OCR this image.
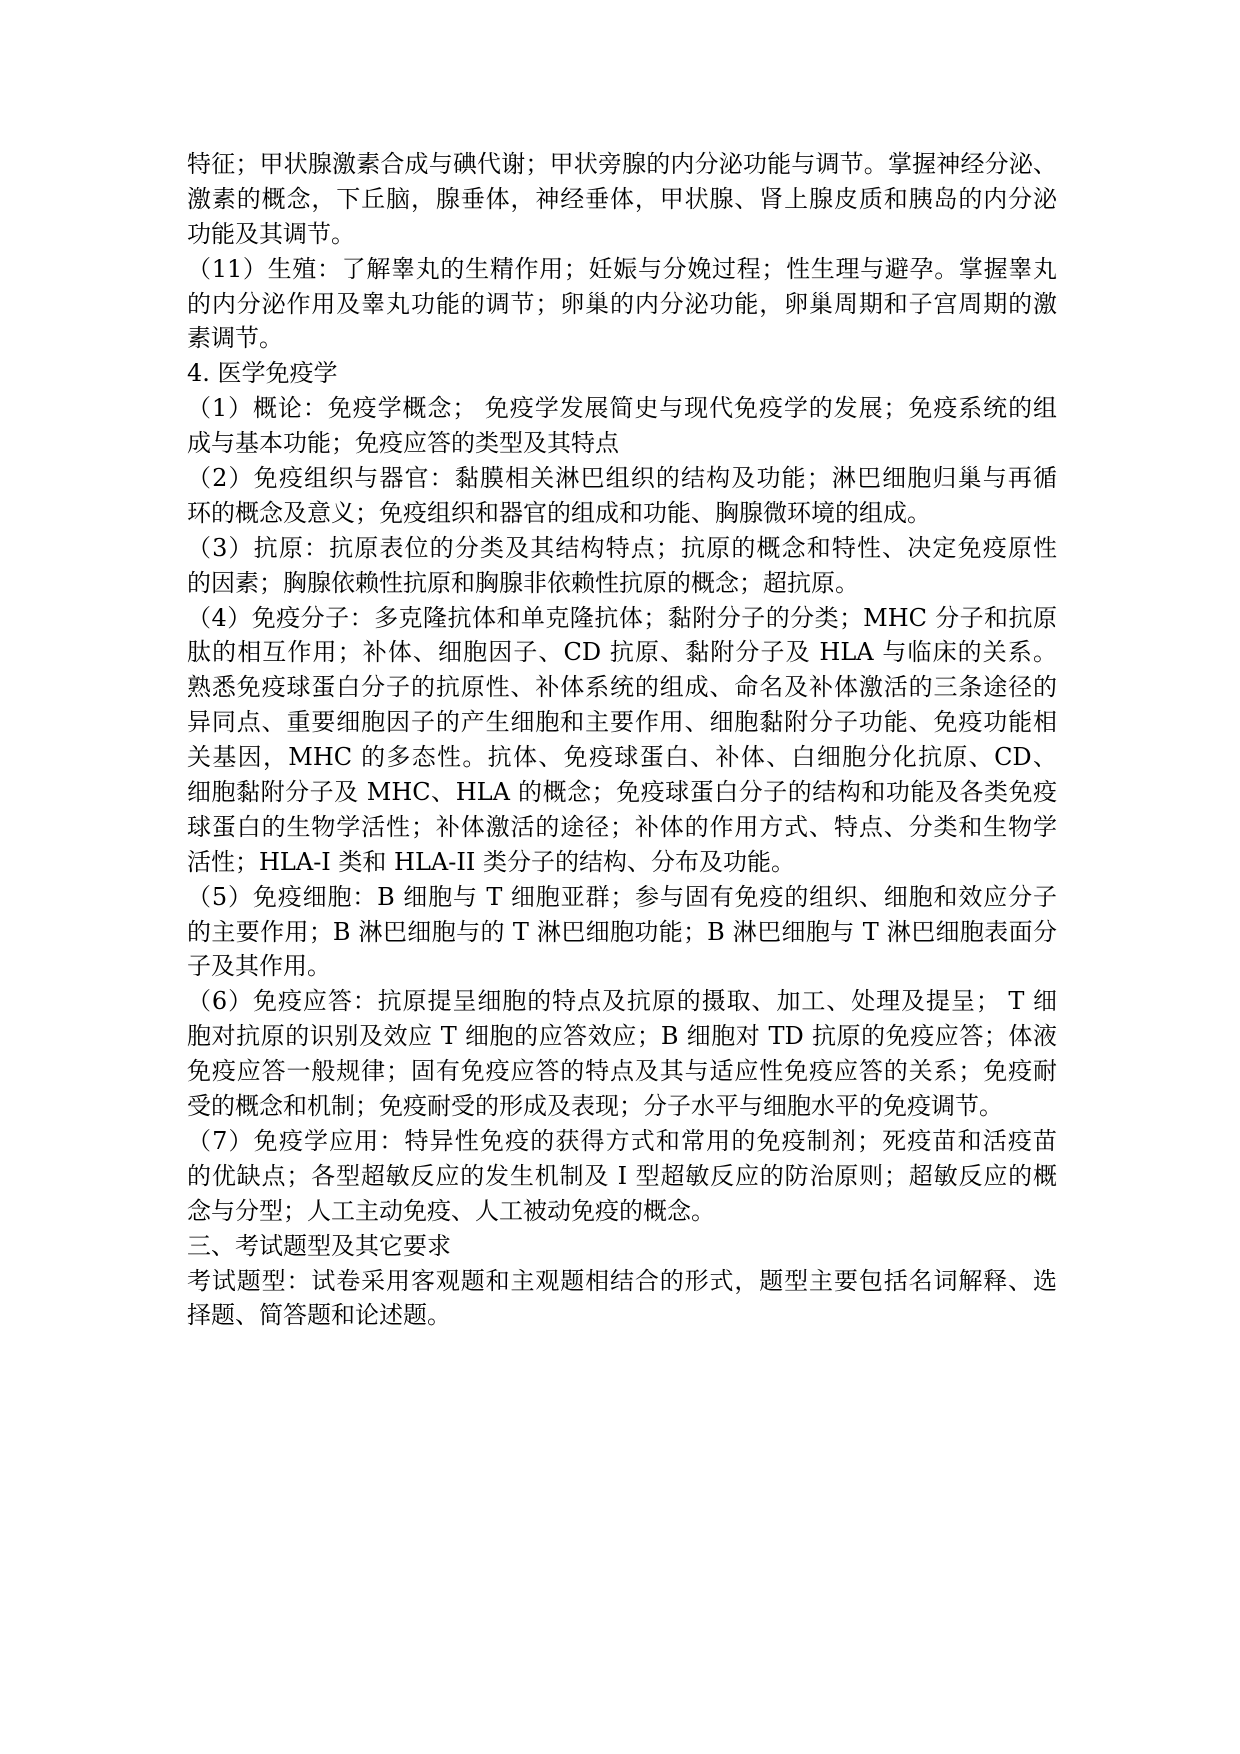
特征；甲状腺激素合成与碘代谢；甲状旁腺的内分泌功能与调节。掌握神经分泌、
激素的概念，下丘脑，腺垂体，神经垂体，甲状腺、肾上腺皮质和胰岛的内分泌
功能及其调节。
（11）生殖：了解睾丸的生精作用；妊娠与分娩过程；性生理与避孕。掌握睾丸
的内分泌作用及睾丸功能的调节；卵巢的内分泌功能，卵巢周期和子宫周期的激
素调节。
4. 医学免疫学
（1）概论：免疫学概念； 免疫学发展简史与现代免疫学的发展；免疫系统的组
成与基本功能；免疫应答的类型及其特点
（2）免疫组织与器官：黏膜相关淋巴组织的结构及功能；淋巴细胞归巢与再循
环的概念及意义；免疫组织和器官的组成和功能、胸腺微环境的组成。
（3）抗原：抗原表位的分类及其结构特点；抗原的概念和特性、决定免疫原性
的因素；胸腺依赖性抗原和胸腺非依赖性抗原的概念；超抗原。
（4）免疫分子：多克隆抗体和单克隆抗体；黏附分子的分类；MHC 分子和抗原
肽的相互作用；补体、细胞因子、CD 抗原、黏附分子及 HLA 与临床的关系。
熟悉免疫球蛋白分子的抗原性、补体系统的组成、命名及补体激活的三条途径的
异同点、重要细胞因子的产生细胞和主要作用、细胞黏附分子功能、免疫功能相
关基因，MHC 的多态性。抗体、免疫球蛋白、补体、白细胞分化抗原、CD、
细胞黏附分子及 MHC、HLA 的概念；免疫球蛋白分子的结构和功能及各类免疫
球蛋白的生物学活性；补体激活的途径；补体的作用方式、特点、分类和生物学
活性；HLA-I 类和 HLA-II 类分子的结构、分布及功能。
（5）免疫细胞：B 细胞与 T 细胞亚群；参与固有免疫的组织、细胞和效应分子
的主要作用；B 淋巴细胞与的 T 淋巴细胞功能；B 淋巴细胞与 T 淋巴细胞表面分
子及其作用。
（6）免疫应答：抗原提呈细胞的特点及抗原的摄取、加工、处理及提呈； T 细
胞对抗原的识别及效应 T 细胞的应答效应；B 细胞对 TD 抗原的免疫应答；体液
免疫应答一般规律；固有免疫应答的特点及其与适应性免疫应答的关系；免疫耐
受的概念和机制；免疫耐受的形成及表现；分子水平与细胞水平的免疫调节。
（7）免疫学应用：特异性免疫的获得方式和常用的免疫制剂；死疫苗和活疫苗
的优缺点；各型超敏反应的发生机制及 I 型超敏反应的防治原则；超敏反应的概
念与分型；人工主动免疫、人工被动免疫的概念。
三、考试题型及其它要求
考试题型：试卷采用客观题和主观题相结合的形式，题型主要包括名词解释、选
择题、简答题和论述题。
